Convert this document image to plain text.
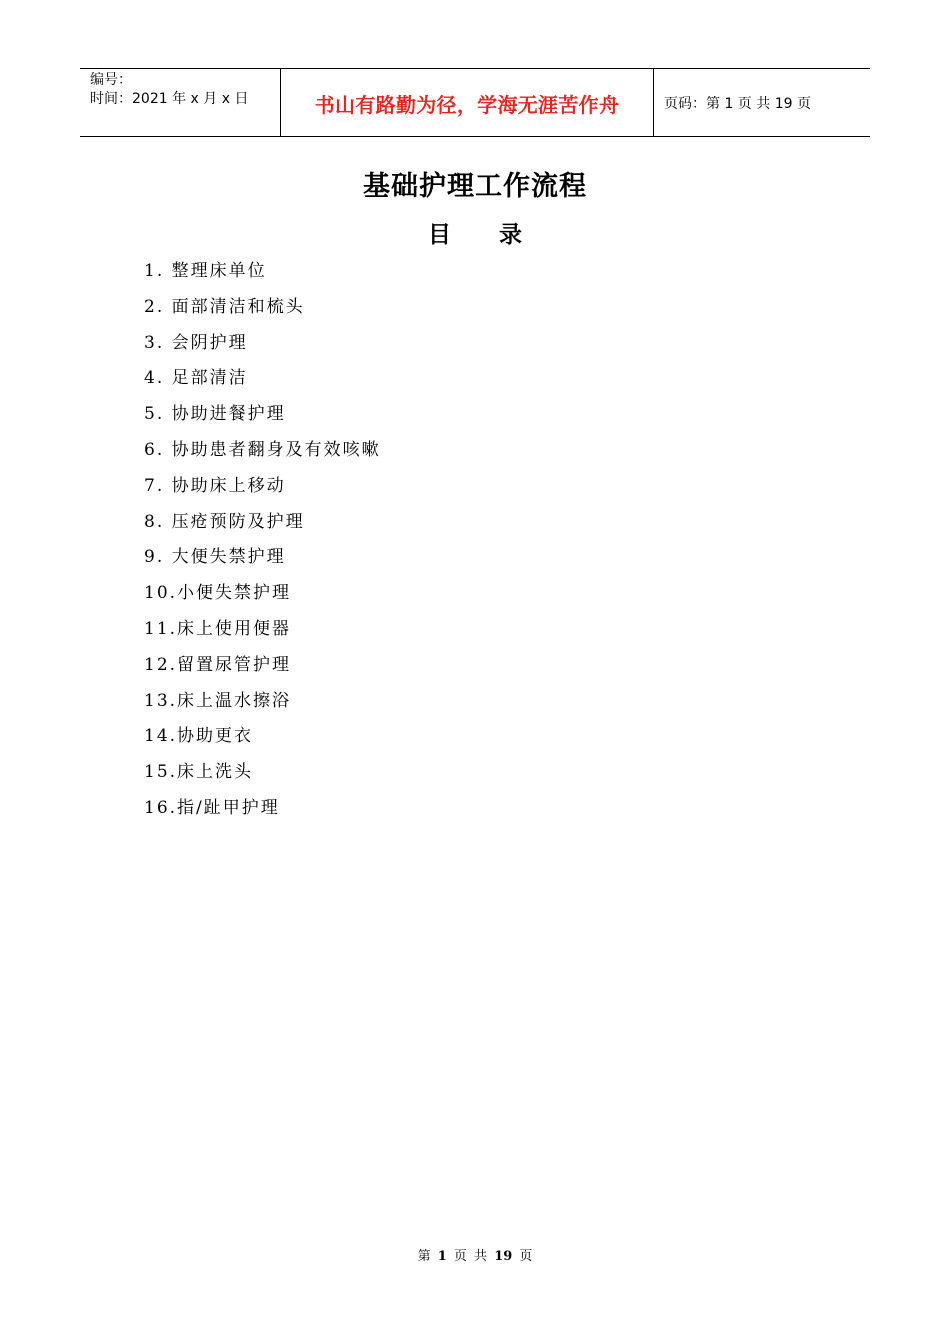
编号：
时间：2021 年 x 月 x 日	书山有路勤为径，学海无涯苦作舟	页码：第 1 页 共 19 页
基础护理工作流程
目 录
1. 整理床单位
2. 面部清洁和梳头
3. 会阴护理
4. 足部清洁
5. 协助进餐护理
6. 协助患者翻身及有效咳嗽
7. 协助床上移动
8. 压疮预防及护理
9. 大便失禁护理
10.小便失禁护理
11.床上使用便器
12.留置尿管护理
13.床上温水擦浴
14.协助更衣
15.床上洗头
16.指/趾甲护理
第 1 页 共 19 页
